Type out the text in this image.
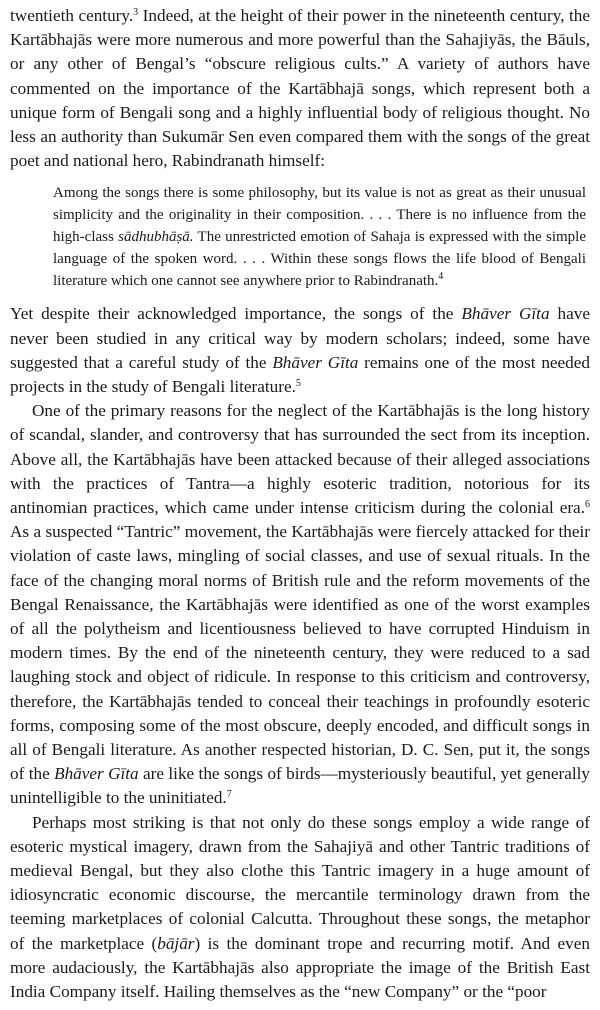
twentieth century.$^3$ Indeed, at the height of their power in the nineteenth century, the Kartābhajās were more numerous and more powerful than the Sahajiyās, the Bāuls, or any other of Bengal’s “obscure religious cults.” A variety of authors have commented on the importance of the Kartābhajā songs, which represent both a unique form of Bengali song and a highly influential body of religious thought. No less an authority than Sukumār Sen even compared them with the songs of the great poet and national hero, Rabindranath himself:

Among the songs there is some philosophy, but its value is not as great as their unusual simplicity and the originality in their composition. . . . There is no influence from the high-class sādhubhāṣā. The unrestricted emotion of Sahaja is expressed with the simple language of the spoken word. . . . Within these songs flows the life blood of Bengali literature which one cannot see anywhere prior to Rabindranath.$^4$

Yet despite their acknowledged importance, the songs of the Bhāver Gīta have never been studied in any critical way by modern scholars; indeed, some have suggested that a careful study of the Bhāver Gīta remains one of the most needed projects in the study of Bengali literature.$^5$

One of the primary reasons for the neglect of the Kartābhajās is the long history of scandal, slander, and controversy that has surrounded the sect from its inception. Above all, the Kartābhajās have been attacked because of their alleged associations with the practices of Tantra—a highly esoteric tradition, notorious for its antinomian practices, which came under intense criticism during the colonial era.$^6$ As a suspected “Tantric” movement, the Kartābhajās were fiercely attacked for their violation of caste laws, mingling of social classes, and use of sexual rituals. In the face of the changing moral norms of British rule and the reform movements of the Bengal Renaissance, the Kartābhajās were identified as one of the worst examples of all the polytheism and licentiousness believed to have corrupted Hinduism in modern times. By the end of the nineteenth century, they were reduced to a sad laughing stock and object of ridicule. In response to this criticism and controversy, therefore, the Kartābhajās tended to conceal their teachings in profoundly esoteric forms, composing some of the most obscure, deeply encoded, and difficult songs in all of Bengali literature. As another respected historian, D. C. Sen, put it, the songs of the Bhāver Gīta are like the songs of birds—mysteriously beautiful, yet generally unintelligible to the uninitiated.$^7$

Perhaps most striking is that not only do these songs employ a wide range of esoteric mystical imagery, drawn from the Sahajiyā and other Tantric traditions of medieval Bengal, but they also clothe this Tantric imagery in a huge amount of idiosyncratic economic discourse, the mercantile terminology drawn from the teeming marketplaces of colonial Calcutta. Throughout these songs, the metaphor of the marketplace (bājār) is the dominant trope and recurring motif. And even more audaciously, the Kartābhajās also appropriate the image of the British East India Company itself. Hailing themselves as the “new Company” or the “poor
